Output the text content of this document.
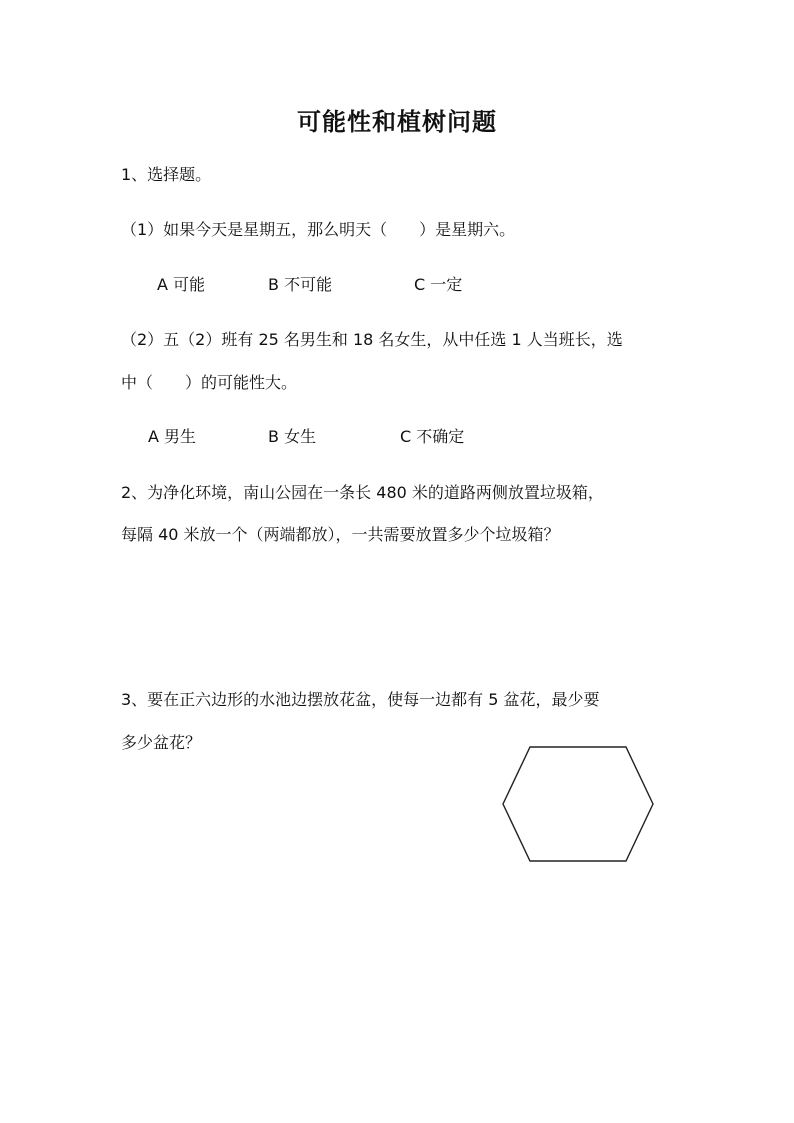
可能性和植树问题
1、选择题。
（1）如果今天是星期五，那么明天（　　）是星期六。
A 可能	B 不可能	C 一定
（2）五（2）班有 25 名男生和 18 名女生，从中任选 1 人当班长，选
中（　　）的可能性大。
A 男生	B 女生	C 不确定
2、为净化环境，南山公园在一条长 480 米的道路两侧放置垃圾箱，
每隔 40 米放一个（两端都放），一共需要放置多少个垃圾箱？
3、要在正六边形的水池边摆放花盆，使每一边都有 5 盆花，最少要
多少盆花？
